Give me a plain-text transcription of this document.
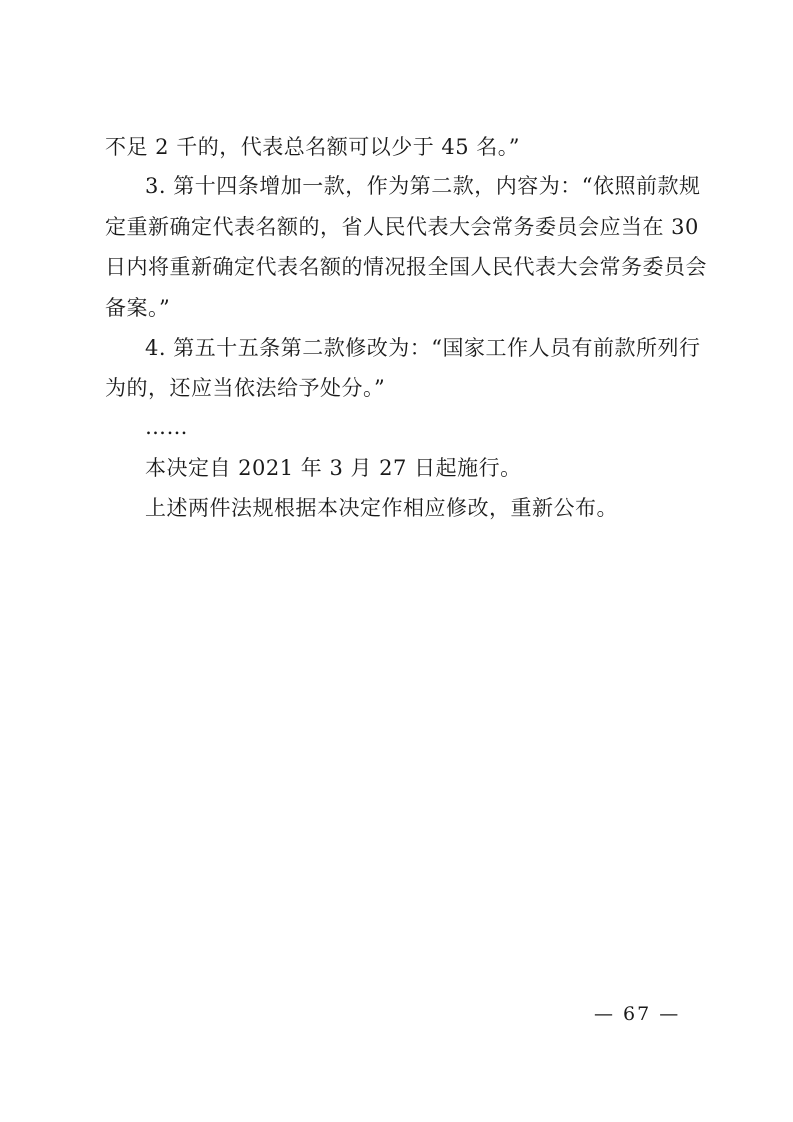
不足 2 千的，代表总名额可以少于 45 名。”
3. 第十四条增加一款，作为第二款，内容为：“依照前款规
定重新确定代表名额的，省人民代表大会常务委员会应当在 30
日内将重新确定代表名额的情况报全国人民代表大会常务委员会
备案。”
4. 第五十五条第二款修改为：“国家工作人员有前款所列行
为的，还应当依法给予处分。”
……
本决定自 2021 年 3 月 27 日起施行。
上述两件法规根据本决定作相应修改，重新公布。
— 67 —
